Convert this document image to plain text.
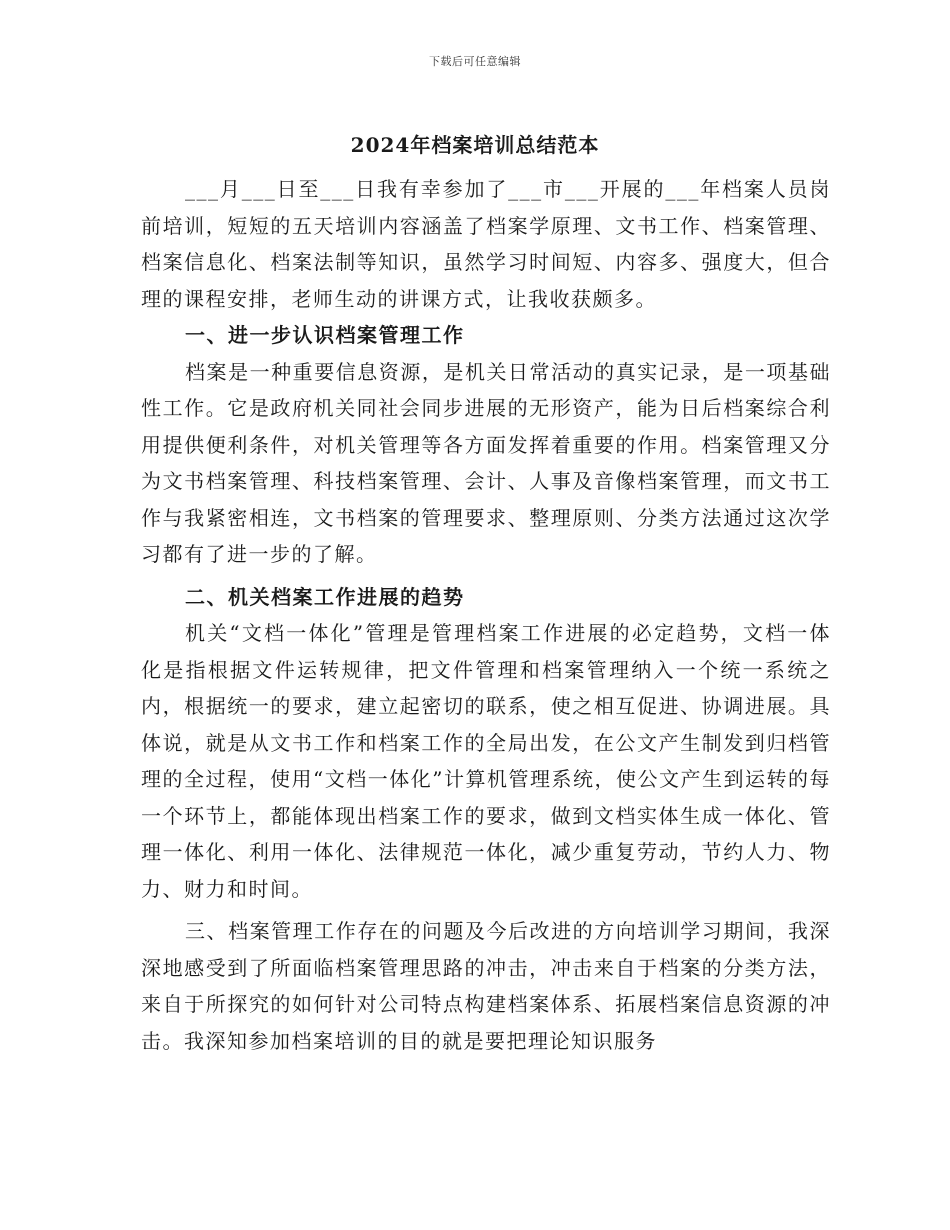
下载后可任意编辑
2024年档案培训总结范本

___月___日至___日我有幸参加了___市___开展的___年档案人员岗前培训，短短的五天培训内容涵盖了档案学原理、文书工作、档案管理、档案信息化、档案法制等知识，虽然学习时间短、内容多、强度大，但合理的课程安排，老师生动的讲课方式，让我收获颇多。

一、进一步认识档案管理工作

档案是一种重要信息资源，是机关日常活动的真实记录，是一项基础性工作。它是政府机关同社会同步进展的无形资产，能为日后档案综合利用提供便利条件，对机关管理等各方面发挥着重要的作用。档案管理又分为文书档案管理、科技档案管理、会计、人事及音像档案管理，而文书工作与我紧密相连，文书档案的管理要求、整理原则、分类方法通过这次学习都有了进一步的了解。

二、机关档案工作进展的趋势

机关“文档一体化”管理是管理档案工作进展的必定趋势，文档一体化是指根据文件运转规律，把文件管理和档案管理纳入一个统一系统之内，根据统一的要求，建立起密切的联系，使之相互促进、协调进展。具体说，就是从文书工作和档案工作的全局出发，在公文产生制发到归档管理的全过程，使用“文档一体化”计算机管理系统，使公文产生到运转的每一个环节上，都能体现出档案工作的要求，做到文档实体生成一体化、管理一体化、利用一体化、法律规范一体化，减少重复劳动，节约人力、物力、财力和时间。

三、档案管理工作存在的问题及今后改进的方向培训学习期间，我深深地感受到了所面临档案管理思路的冲击，冲击来自于档案的分类方法，来自于所探究的如何针对公司特点构建档案体系、拓展档案信息资源的冲击。我深知参加档案培训的目的就是要把理论知识服务
